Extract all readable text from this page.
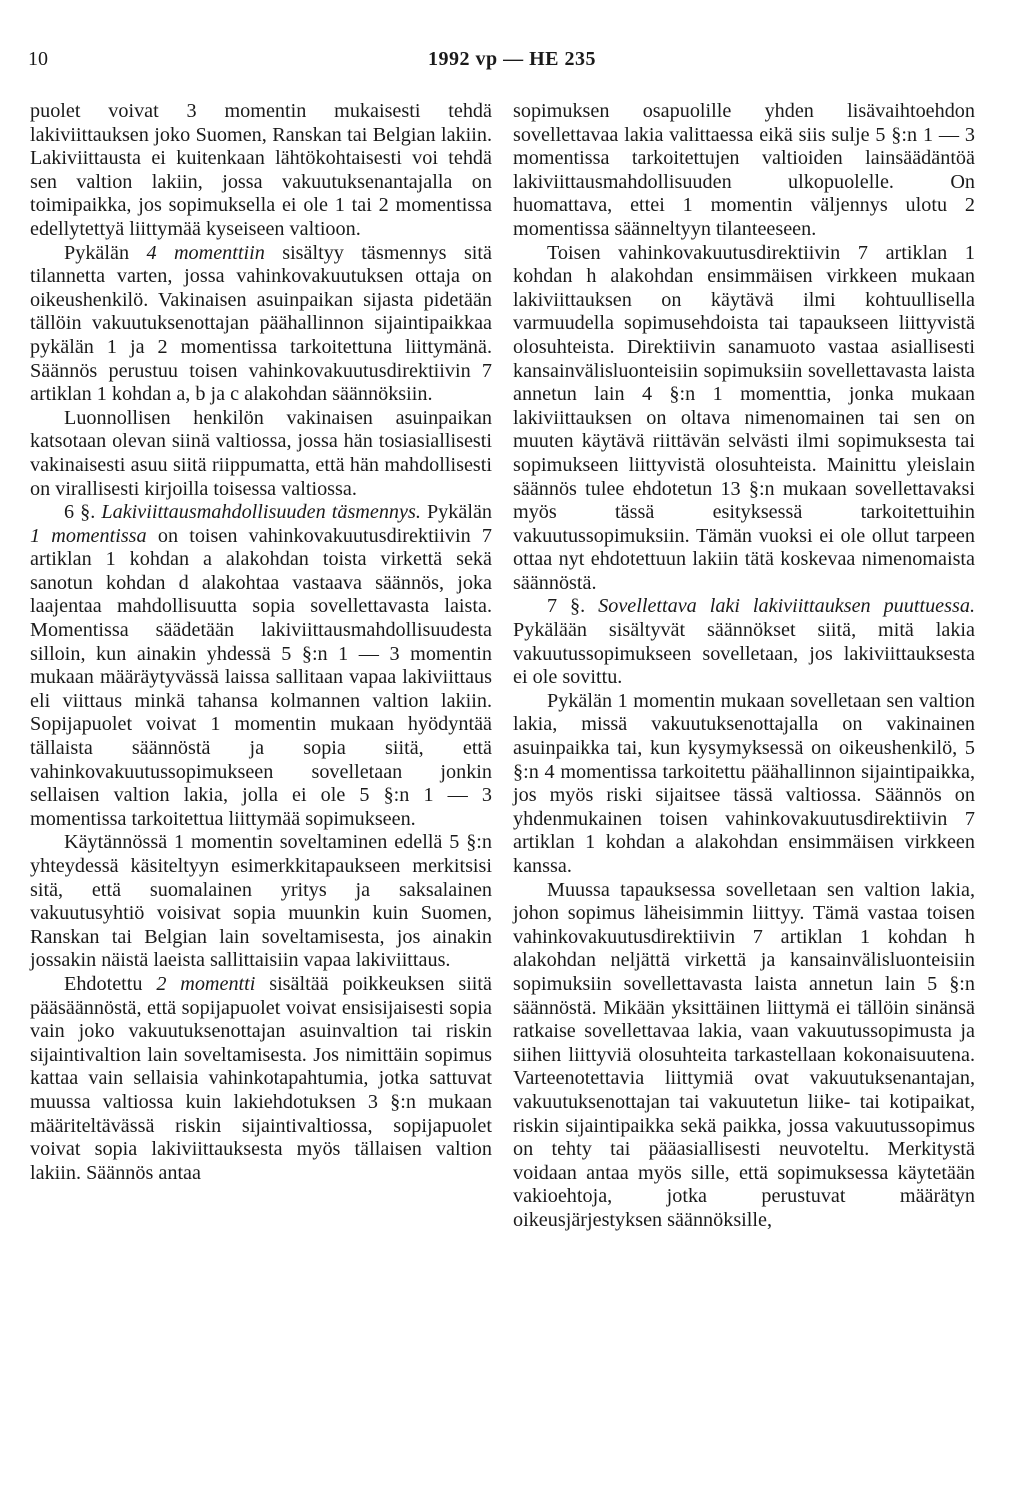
10	1992 vp — HE 235

puolet voivat 3 momentin mukaisesti tehdä lakiviittauksen joko Suomen, Ranskan tai Belgian lakiin. Lakiviittausta ei kuitenkaan lähtökohtaisesti voi tehdä sen valtion lakiin, jossa vakuutuksenantajalla on toimipaikka, jos sopimuksella ei ole 1 tai 2 momentissa edellytettyä liittymää kyseiseen valtioon.

Pykälän 4 momenttiin sisältyy täsmennys sitä tilannetta varten, jossa vahinkovakuutuksen ottaja on oikeushenkilö. Vakinaisen asuinpaikan sijasta pidetään tällöin vakuutuksenottajan päähallinnon sijaintipaikkaa pykälän 1 ja 2 momentissa tarkoitettuna liittymänä. Säännös perustuu toisen vahinkovakuutusdirektiivin 7 artiklan 1 kohdan a, b ja c alakohdan säännöksiin.

Luonnollisen henkilön vakinaisen asuinpaikan katsotaan olevan siinä valtiossa, jossa hän tosiasiallisesti vakinaisesti asuu siitä riippumatta, että hän mahdollisesti on virallisesti kirjoilla toisessa valtiossa.

6 §. Lakiviittausmahdollisuuden täsmennys. Pykälän 1 momentissa on toisen vahinkovakuutusdirektiivin 7 artiklan 1 kohdan a alakohdan toista virkettä sekä sanotun kohdan d alakohtaa vastaava säännös, joka laajentaa mahdollisuutta sopia sovellettavasta laista. Momentissa säädetään lakiviittausmahdollisuudesta silloin, kun ainakin yhdessä 5 §:n 1 — 3 momentin mukaan määräytyvässä laissa sallitaan vapaa lakiviittaus eli viittaus minkä tahansa kolmannen valtion lakiin. Sopijapuolet voivat 1 momentin mukaan hyödyntää tällaista säännöstä ja sopia siitä, että vahinkovakuutussopimukseen sovelletaan jonkin sellaisen valtion lakia, jolla ei ole 5 §:n 1 — 3 momentissa tarkoitettua liittymää sopimukseen.

Käytännössä 1 momentin soveltaminen edellä 5 §:n yhteydessä käsiteltyyn esimerkkitapaukseen merkitsisi sitä, että suomalainen yritys ja saksalainen vakuutusyhtiö voisivat sopia muunkin kuin Suomen, Ranskan tai Belgian lain soveltamisesta, jos ainakin jossakin näistä laeista sallittaisiin vapaa lakiviittaus.

Ehdotettu 2 momentti sisältää poikkeuksen siitä pääsäännöstä, että sopijapuolet voivat ensisijaisesti sopia vain joko vakuutuksenottajan asuinvaltion tai riskin sijaintivaltion lain soveltamisesta. Jos nimittäin sopimus kattaa vain sellaisia vahinkotapahtumia, jotka sattuvat muussa valtiossa kuin lakiehdotuksen 3 §:n mukaan määriteltävässä riskin sijaintivaltiossa, sopijapuolet voivat sopia lakiviittauksesta myös tällaisen valtion lakiin. Säännös antaa

sopimuksen osapuolille yhden lisävaihtoehdon sovellettavaa lakia valittaessa eikä siis sulje 5 §:n 1 — 3 momentissa tarkoitettujen valtioiden lainsäädäntöä lakiviittausmahdollisuuden ulkopuolelle. On huomattava, ettei 1 momentin väljennys ulotu 2 momentissa säänneltyyn tilanteeseen.

Toisen vahinkovakuutusdirektiivin 7 artiklan 1 kohdan h alakohdan ensimmäisen virkkeen mukaan lakiviittauksen on käytävä ilmi kohtuullisella varmuudella sopimusehdoista tai tapaukseen liittyvistä olosuhteista. Direktiivin sanamuoto vastaa asiallisesti kansainvälisluonteisiin sopimuksiin sovellettavasta laista annetun lain 4 §:n 1 momenttia, jonka mukaan lakiviittauksen on oltava nimenomainen tai sen on muuten käytävä riittävän selvästi ilmi sopimuksesta tai sopimukseen liittyvistä olosuhteista. Mainittu yleislain säännös tulee ehdotetun 13 §:n mukaan sovellettavaksi myös tässä esityksessä tarkoitettuihin vakuutussopimuksiin. Tämän vuoksi ei ole ollut tarpeen ottaa nyt ehdotettuun lakiin tätä koskevaa nimenomaista säännöstä.

7 §. Sovellettava laki lakiviittauksen puuttuessa. Pykälään sisältyvät säännökset siitä, mitä lakia vakuutussopimukseen sovelletaan, jos lakiviittauksesta ei ole sovittu.

Pykälän 1 momentin mukaan sovelletaan sen valtion lakia, missä vakuutuksenottajalla on vakinainen asuinpaikka tai, kun kysymyksessä on oikeushenkilö, 5 §:n 4 momentissa tarkoitettu päähallinnon sijaintipaikka, jos myös riski sijaitsee tässä valtiossa. Säännös on yhdenmukainen toisen vahinkovakuutusdirektiivin 7 artiklan 1 kohdan a alakohdan ensimmäisen virkkeen kanssa.

Muussa tapauksessa sovelletaan sen valtion lakia, johon sopimus läheisimmin liittyy. Tämä vastaa toisen vahinkovakuutusdirektiivin 7 artiklan 1 kohdan h alakohdan neljättä virkettä ja kansainvälisluonteisiin sopimuksiin sovellettavasta laista annetun lain 5 §:n säännöstä. Mikään yksittäinen liittymä ei tällöin sinänsä ratkaise sovellettavaa lakia, vaan vakuutussopimusta ja siihen liittyviä olosuhteita tarkastellaan kokonaisuutena. Varteenotettavia liittymiä ovat vakuutuksenantajan, vakuutuksenottajan tai vakuutetun liike- tai kotipaikat, riskin sijaintipaikka sekä paikka, jossa vakuutussopimus on tehty tai pääasiallisesti neuvoteltu. Merkitystä voidaan antaa myös sille, että sopimuksessa käytetään vakioehtoja, jotka perustuvat määrätyn oikeusjärjestyksen säännöksille,
